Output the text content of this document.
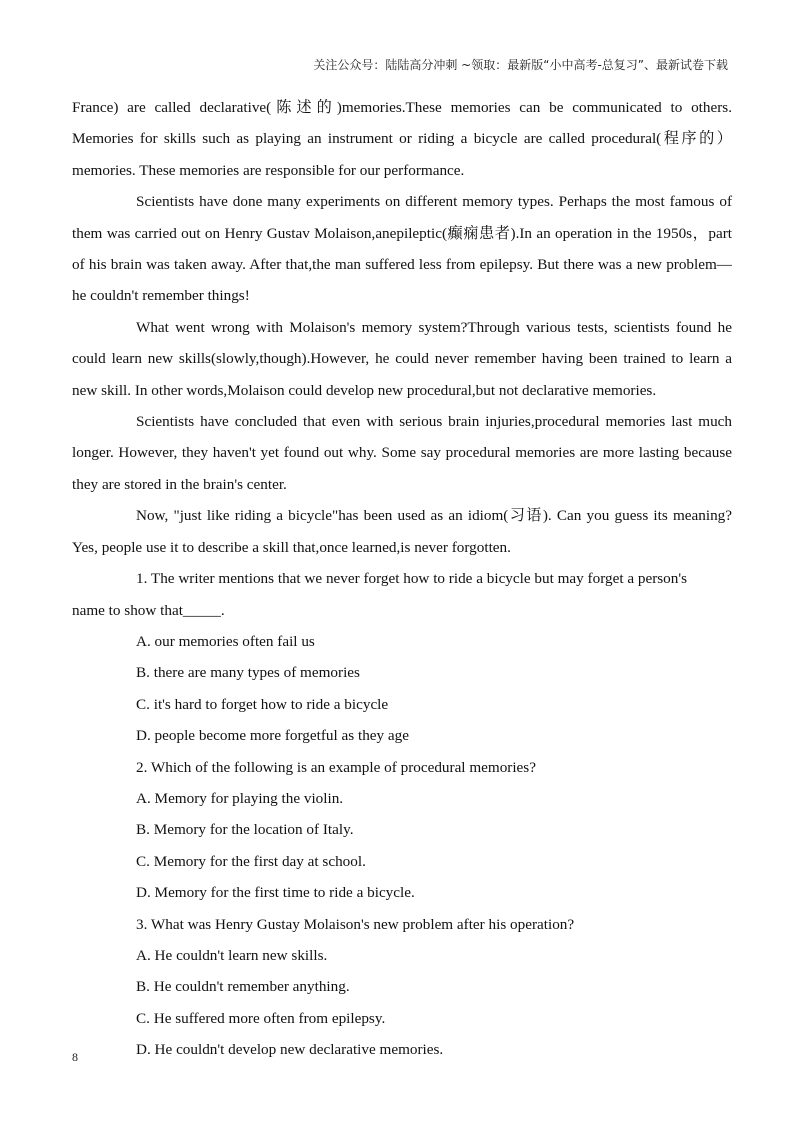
关注公众号：陆陆高分冲刺 ~领取：最新版“小中高考-总复习”、最新试卷下载

France) are called declarative(陈述的)memories.These memories can be communicated to others. Memories for skills such as playing an instrument or riding a bicycle are called procedural(程序的）memories. These memories are responsible for our performance.

Scientists have done many experiments on different memory types. Perhaps the most famous of them was carried out on Henry Gustav Molaison,anepileptic(癫痫患者).In an operation in the 1950s，part of his brain was taken away. After that,the man suffered less from epilepsy. But there was a new problem—he couldn't remember things!

What went wrong with Molaison's memory system?Through various tests, scientists found he could learn new skills(slowly,though).However, he could never remember having been trained to learn a new skill. In other words,Molaison could develop new procedural,but not declarative memories.

Scientists have concluded that even with serious brain injuries,procedural memories last much longer. However, they haven't yet found out why. Some say procedural memories are more lasting because they are stored in the brain's center.

Now, "just like riding a bicycle"has been used as an idiom(习语). Can you guess its meaning? Yes, people use it to describe a skill that,once learned,is never forgotten.

1. The writer mentions that we never forget how to ride a bicycle but may forget a person's

name to show that_____.

A. our memories often fail us

B. there are many types of memories

C. it's hard to forget how to ride a bicycle

D. people become more forgetful as they age

2. Which of the following is an example of procedural memories?

A. Memory for playing the violin.

B. Memory for the location of Italy.

C. Memory for the first day at school.

D. Memory for the first time to ride a bicycle.

3. What was Henry Gustay Molaison's new problem after his operation?

A. He couldn't learn new skills.

B. He couldn't remember anything.

C. He suffered more often from epilepsy.

D. He couldn't develop new declarative memories.

8
